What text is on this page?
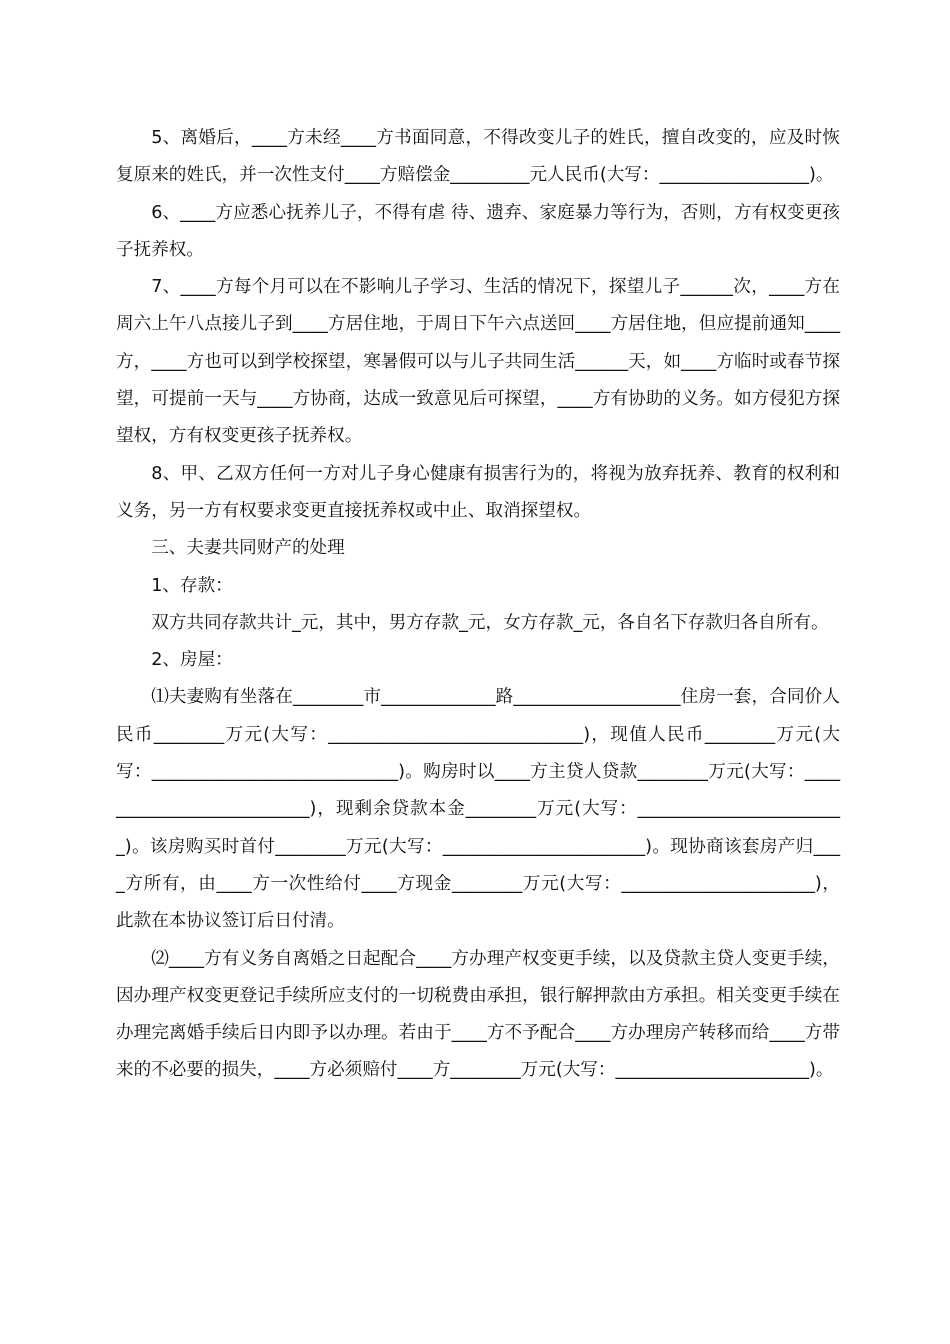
5、离婚后，____方未经____方书面同意，不得改变儿子的姓氏，擅自改变的，应及时恢复原来的姓氏，并一次性支付____方赔偿金_________元人民币(大写：_________________)。

6、____方应悉心抚养儿子，不得有虐 待、遗弃、家庭暴力等行为，否则，方有权变更孩子抚养权。

7、____方每个月可以在不影响儿子学习、生活的情况下，探望儿子______次，____方在周六上午八点接儿子到____方居住地，于周日下午六点送回____方居住地，但应提前通知____方，____方也可以到学校探望，寒暑假可以与儿子共同生活______天，如____方临时或春节探望，可提前一天与____方协商，达成一致意见后可探望，____方有协助的义务。如方侵犯方探望权，方有权变更孩子抚养权。

8、甲、乙双方任何一方对儿子身心健康有损害行为的，将视为放弃抚养、教育的权利和义务，另一方有权要求变更直接抚养权或中止、取消探望权。

三、夫妻共同财产的处理

1、存款：

双方共同存款共计_元，其中，男方存款_元，女方存款_元，各自名下存款归各自所有。

2、房屋：

⑴夫妻购有坐落在________市_____________路___________________住房一套，合同价人民币________万元(大写：_____________________________)，现值人民币________万元(大写：____________________________)。购房时以____方主贷人贷款________万元(大写：__________________________)，现剩余贷款本金________万元(大写：________________________)。该房购买时首付________万元(大写：_______________________)。现协商该套房产归____方所有，由____方一次性给付____方现金________万元(大写：______________________)，此款在本协议签订后日付清。

⑵____方有义务自离婚之日起配合____方办理产权变更手续，以及贷款主贷人变更手续，因办理产权变更登记手续所应支付的一切税费由承担，银行解押款由方承担。相关变更手续在办理完离婚手续后日内即予以办理。若由于____方不予配合____方办理房产转移而给____方带来的不必要的损失，____方必须赔付____方________万元(大写：______________________)。
